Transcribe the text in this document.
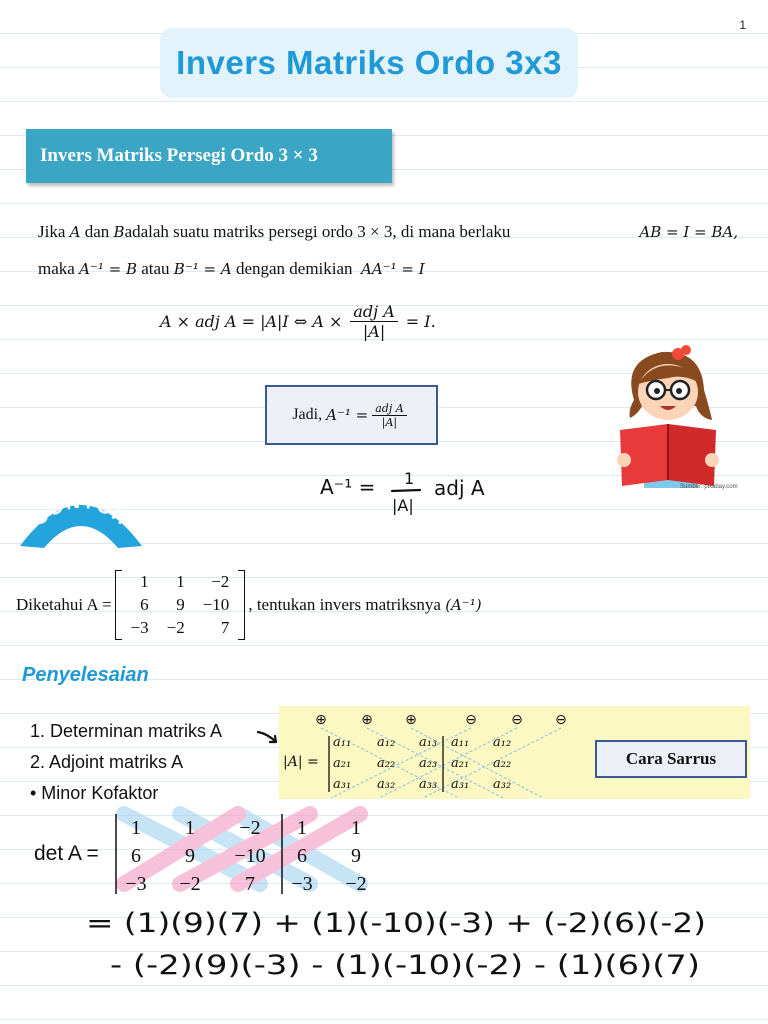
1
Invers Matriks Ordo 3x3
Invers Matriks Persegi Ordo 3 × 3
Jika A dan Badalah suatu matriks persegi ordo 3 × 3, di mana berlaku	AB = I = BA,
maka A⁻¹ = B atau B⁻¹ = A dengan demikian AA⁻¹ = I
A × adj A = |A|I ⇔ $A \times \frac{\text{adj A}}{|A|} = I$.
Jadi,
$A^{-1} = \frac{\text{adj A}}{|A|}$
A⁻¹ = 1
|A|
adj A	Sumber: pixabay.com
CONTOH
Diketahui A =
1	1	−2
6	9	−10
−3	−2	7
, tentukan invers matriksnya
(A⁻¹)
Penyelesaian
1. Determinan matriks A
2. Adjoint matriks A
• Minor Kofaktor
⊕ ⊕ ⊕	⊖ ⊖ ⊖
|A| =
a₁₁ a₁₂ a₁₃ a₁₁ a₁₂
a₂₁ a₂₂ a₂₃ a₂₁ a₂₂
a₃₁ a₃₂ a₃₃ a₃₁ a₃₂
Cara Sarrus
det A =
1 1 −2 1 1
6 9 −10 6 9
−3 −2 7 −3 −2
= (1)(9)(7) + (1)(-10)(-3) + (-2)(6)(-2)
- (-2)(9)(-3) - (1)(-10)(-2) - (1)(6)(7)
